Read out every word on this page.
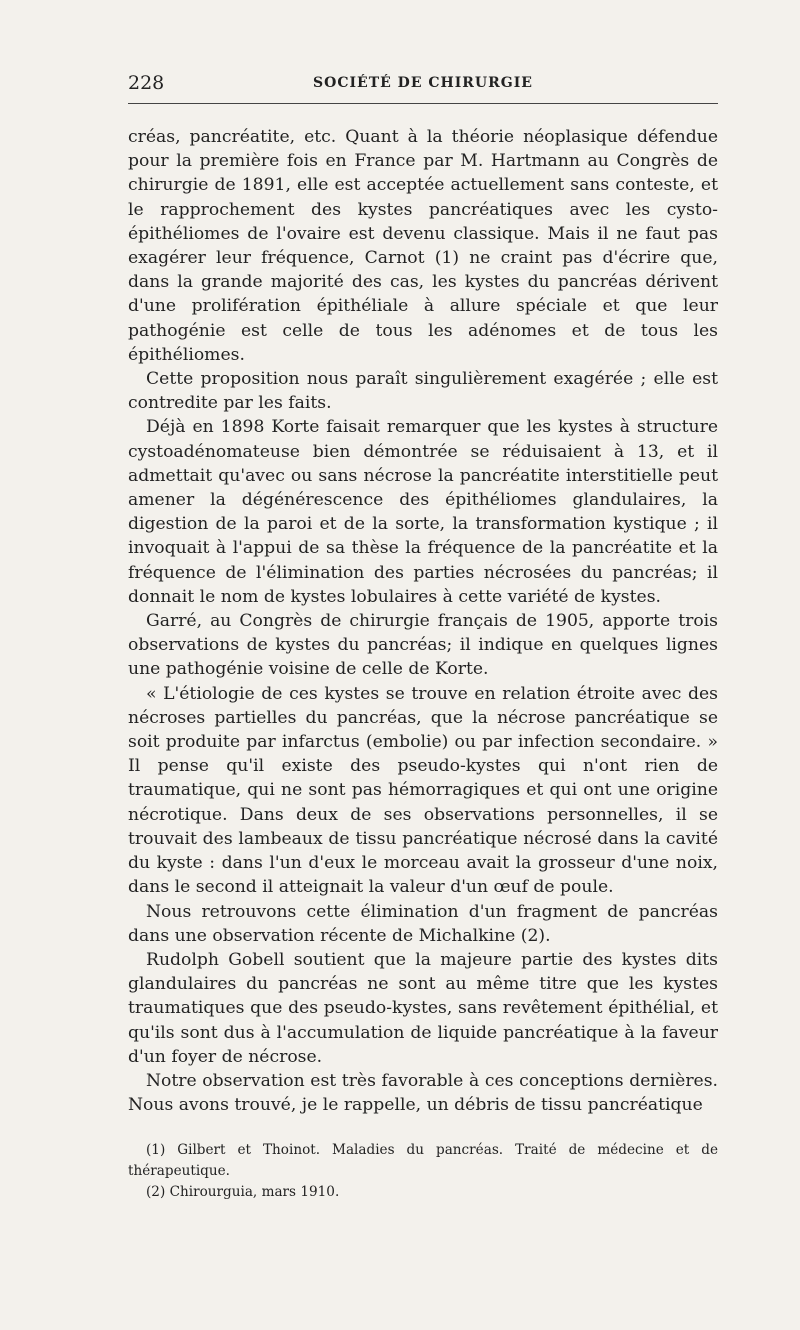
228	SOCIÉTÉ DE CHIRURGIE

créas, pancréatite, etc. Quant à la théorie néoplasique défendue pour la première fois en France par M. Hartmann au Congrès de chirurgie de 1891, elle est acceptée actuellement sans conteste, et le rapprochement des kystes pancréatiques avec les cysto-épithéliomes de l'ovaire est devenu classique. Mais il ne faut pas exagérer leur fréquence, Carnot (1) ne craint pas d'écrire que, dans la grande majorité des cas, les kystes du pancréas dérivent d'une prolifération épithéliale à allure spéciale et que leur pathogénie est celle de tous les adénomes et de tous les épithéliomes.

Cette proposition nous paraît singulièrement exagérée ; elle est contredite par les faits.

Déjà en 1898 Korte faisait remarquer que les kystes à structure cystoadénomateuse bien démontrée se réduisaient à 13, et il admettait qu'avec ou sans nécrose la pancréatite interstitielle peut amener la dégénérescence des épithéliomes glandulaires, la digestion de la paroi et de la sorte, la transformation kystique ; il invoquait à l'appui de sa thèse la fréquence de la pancréatite et la fréquence de l'élimination des parties nécrosées du pancréas; il donnait le nom de kystes lobulaires à cette variété de kystes.

Garré, au Congrès de chirurgie français de 1905, apporte trois observations de kystes du pancréas; il indique en quelques lignes une pathogénie voisine de celle de Korte.

« L'étiologie de ces kystes se trouve en relation étroite avec des nécroses partielles du pancréas, que la nécrose pancréatique se soit produite par infarctus (embolie) ou par infection secondaire. » Il pense qu'il existe des pseudo-kystes qui n'ont rien de traumatique, qui ne sont pas hémorragiques et qui ont une origine nécrotique. Dans deux de ses observations personnelles, il se trouvait des lambeaux de tissu pancréatique nécrosé dans la cavité du kyste : dans l'un d'eux le morceau avait la grosseur d'une noix, dans le second il atteignait la valeur d'un œuf de poule.

Nous retrouvons cette élimination d'un fragment de pancréas dans une observation récente de Michalkine (2).

Rudolph Gobell soutient que la majeure partie des kystes dits glandulaires du pancréas ne sont au même titre que les kystes traumatiques que des pseudo-kystes, sans revêtement épithélial, et qu'ils sont dus à l'accumulation de liquide pancréatique à la faveur d'un foyer de nécrose.

Notre observation est très favorable à ces conceptions dernières. Nous avons trouvé, je le rappelle, un débris de tissu pancréatique

(1) Gilbert et Thoinot. Maladies du pancréas. Traité de médecine et de thérapeutique.

(2) Chirourguia, mars 1910.
